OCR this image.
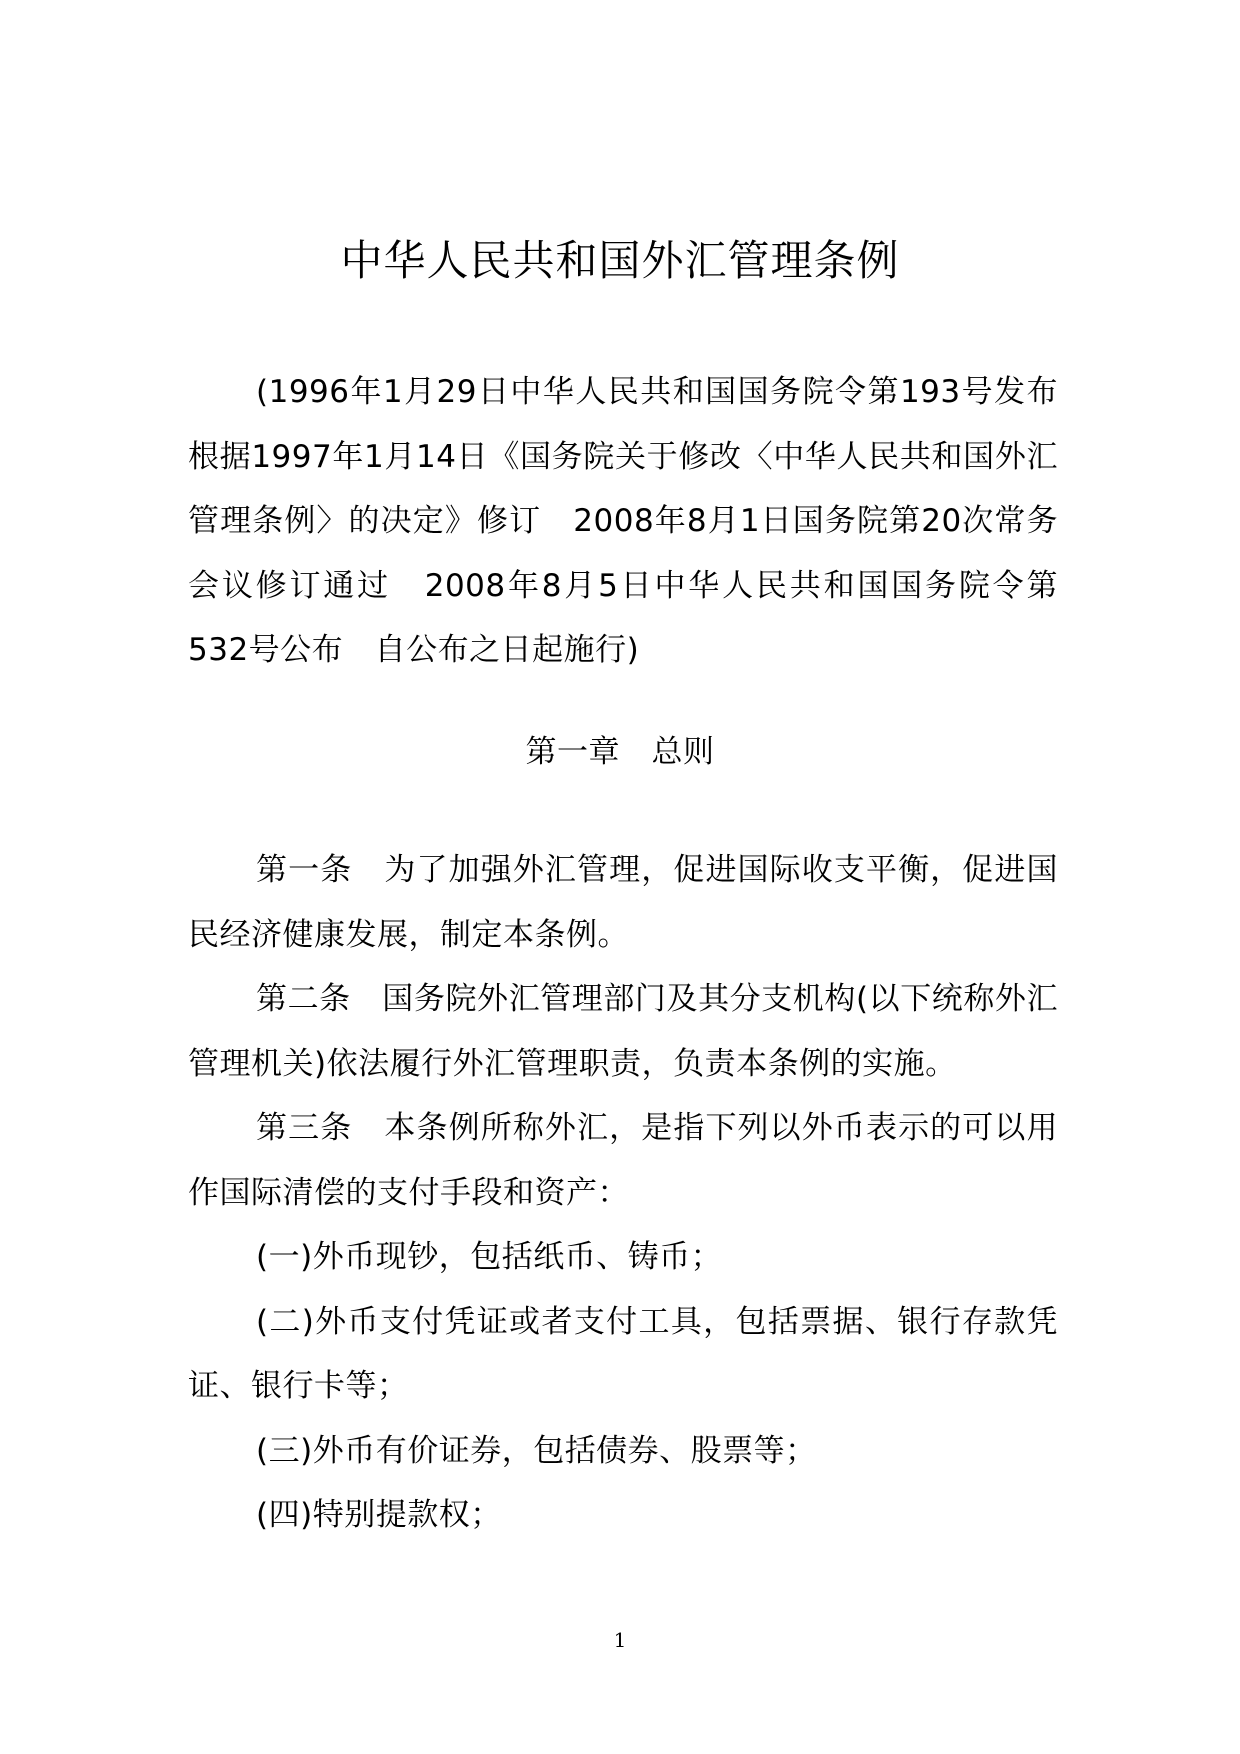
中华人民共和国外汇管理条例

(1996年1月29日中华人民共和国国务院令第193号发布　根据1997年1月14日《国务院关于修改〈中华人民共和国外汇管理条例〉的决定》修订　2008年8月1日国务院第20次常务会议修订通过　2008年8月5日中华人民共和国国务院令第532号公布　自公布之日起施行)

第一章　总则

第一条　为了加强外汇管理，促进国际收支平衡，促进国民经济健康发展，制定本条例。

第二条　国务院外汇管理部门及其分支机构(以下统称外汇管理机关)依法履行外汇管理职责，负责本条例的实施。

第三条　本条例所称外汇，是指下列以外币表示的可以用作国际清偿的支付手段和资产：

(一)外币现钞，包括纸币、铸币；

(二)外币支付凭证或者支付工具，包括票据、银行存款凭证、银行卡等；

(三)外币有价证券，包括债券、股票等；

(四)特别提款权；

1
